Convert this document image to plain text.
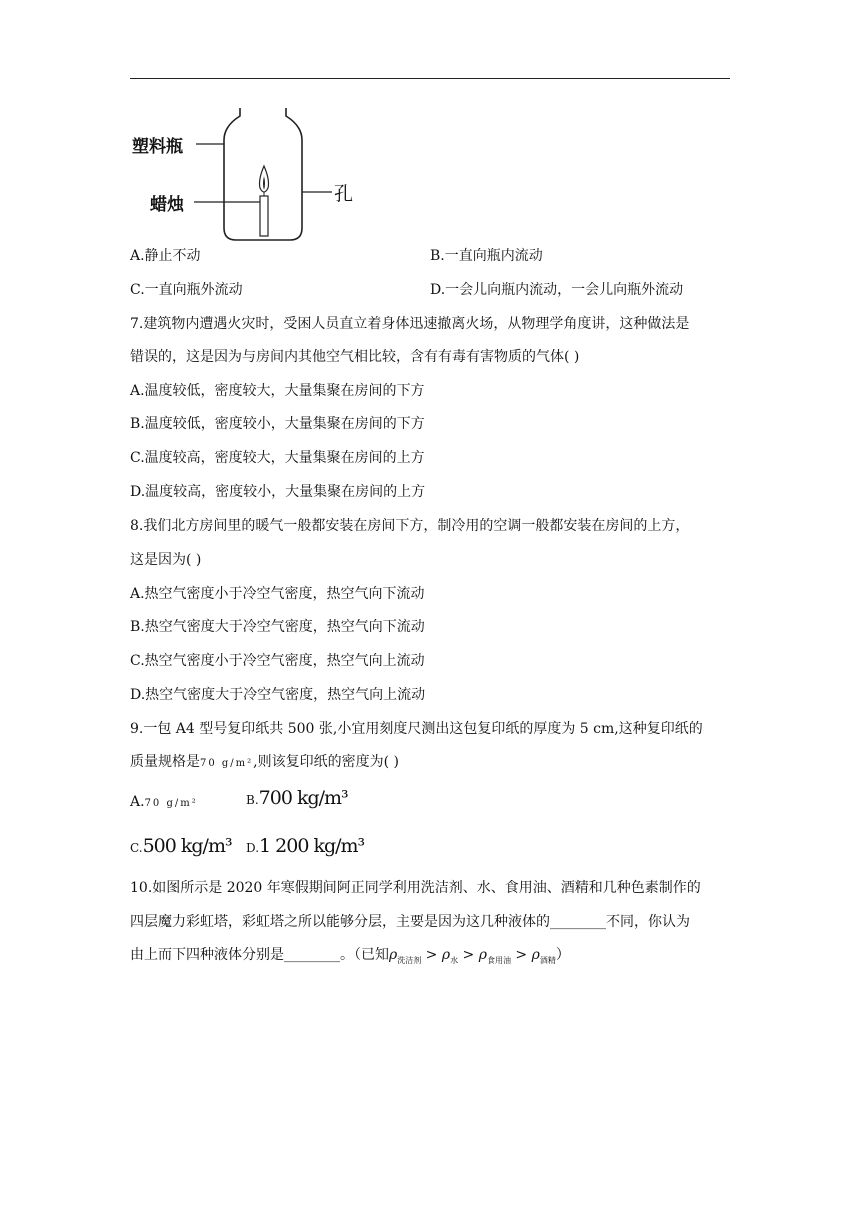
塑料瓶
蜡烛	孔
A.静止不动	B.一直向瓶内流动
C.一直向瓶外流动	D.一会儿向瓶内流动，一会儿向瓶外流动
7.建筑物内遭遇火灾时，受困人员直立着身体迅速撤离火场，从物理学角度讲，这种做法是
错误的，这是因为与房间内其他空气相比较，含有有毒有害物质的气体( )
A.温度较低，密度较大，大量集聚在房间的下方
B.温度较低，密度较小，大量集聚在房间的下方
C.温度较高，密度较大，大量集聚在房间的上方
D.温度较高，密度较小，大量集聚在房间的上方
8.我们北方房间里的暖气一般都安装在房间下方，制冷用的空调一般都安装在房间的上方，
这是因为( )
A.热空气密度小于冷空气密度，热空气向下流动
B.热空气密度大于冷空气密度，热空气向下流动
C.热空气密度小于冷空气密度，热空气向上流动
D.热空气密度大于冷空气密度，热空气向上流动
9.一包 A4 型号复印纸共 500 张,小宜用刻度尺测出这包复印纸的厚度为 5 cm,这种复印纸的
质量规格是70 g/m²,则该复印纸的密度为( )
A.70 g/m²	B.700 kg/m³
C.500 kg/m³ D.1 200 kg/m³
10.如图所示是 2020 年寒假期间阿正同学利用洗洁剂、水、食用油、酒精和几种色素制作的
四层魔力彩虹塔，彩虹塔之所以能够分层，主要是因为这几种液体的________不同，你认为
由上而下四种液体分别是________。（已知$\rho_{洗洁剂} > \rho_水 > \rho_{食用油} > \rho_{酒精}$）
